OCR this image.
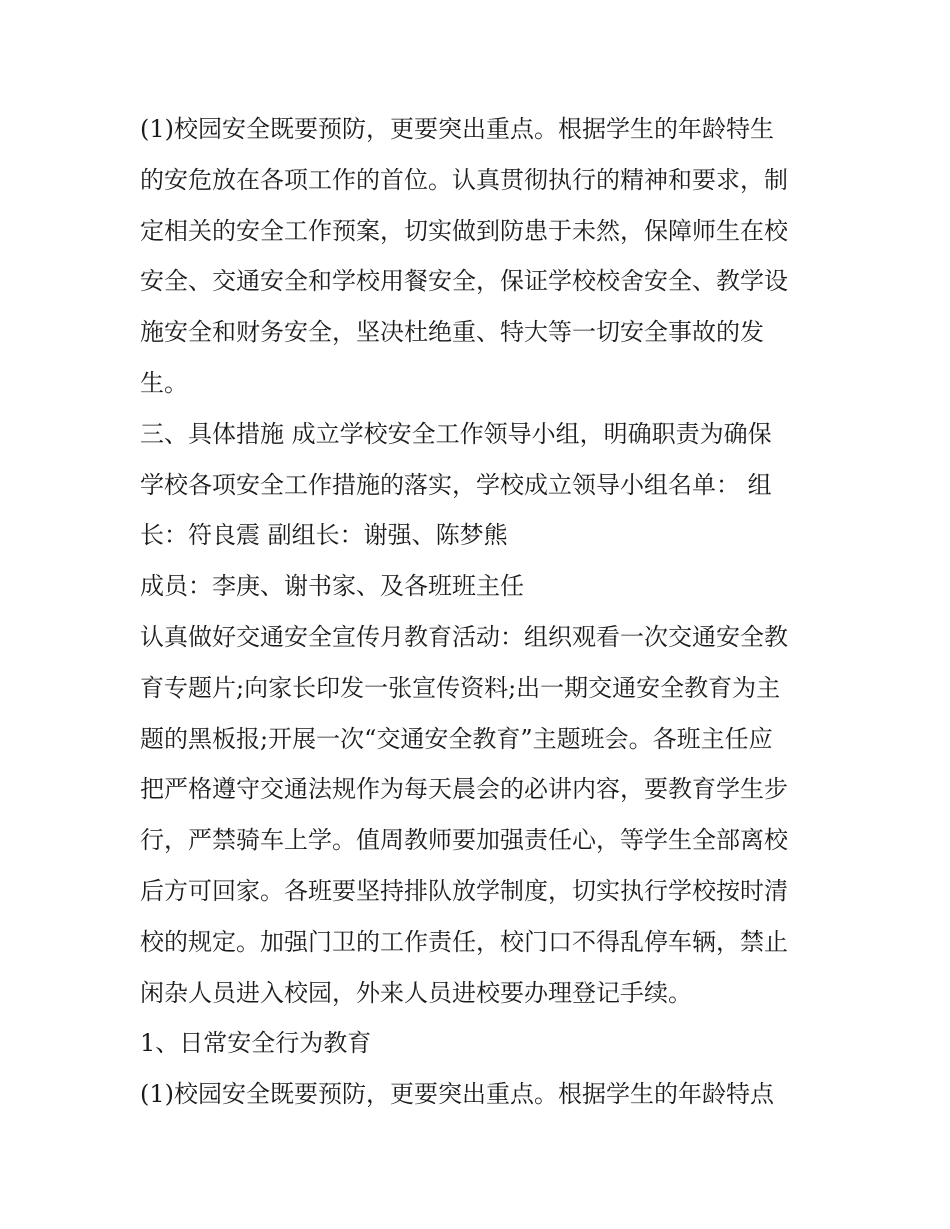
(1)校园安全既要预防，更要突出重点。根据学生的年龄特生
的安危放在各项工作的首位。认真贯彻执行的精神和要求，制
定相关的安全工作预案，切实做到防患于未然，保障师生在校
安全、交通安全和学校用餐安全，保证学校校舍安全、教学设
施安全和财务安全，坚决杜绝重、特大等一切安全事故的发
生。
三、具体措施 成立学校安全工作领导小组，明确职责为确保
学校各项安全工作措施的落实，学校成立领导小组名单： 组
长：符良震 副组长：谢强、陈梦熊
成员：李庚、谢书家、及各班班主任
认真做好交通安全宣传月教育活动：组织观看一次交通安全教
育专题片;向家长印发一张宣传资料;出一期交通安全教育为主
题的黑板报;开展一次“交通安全教育”主题班会。各班主任应
把严格遵守交通法规作为每天晨会的必讲内容，要教育学生步
行，严禁骑车上学。值周教师要加强责任心，等学生全部离校
后方可回家。各班要坚持排队放学制度，切实执行学校按时清
校的规定。加强门卫的工作责任，校门口不得乱停车辆，禁止
闲杂人员进入校园，外来人员进校要办理登记手续。
1、日常安全行为教育
(1)校园安全既要预防，更要突出重点。根据学生的年龄特点
